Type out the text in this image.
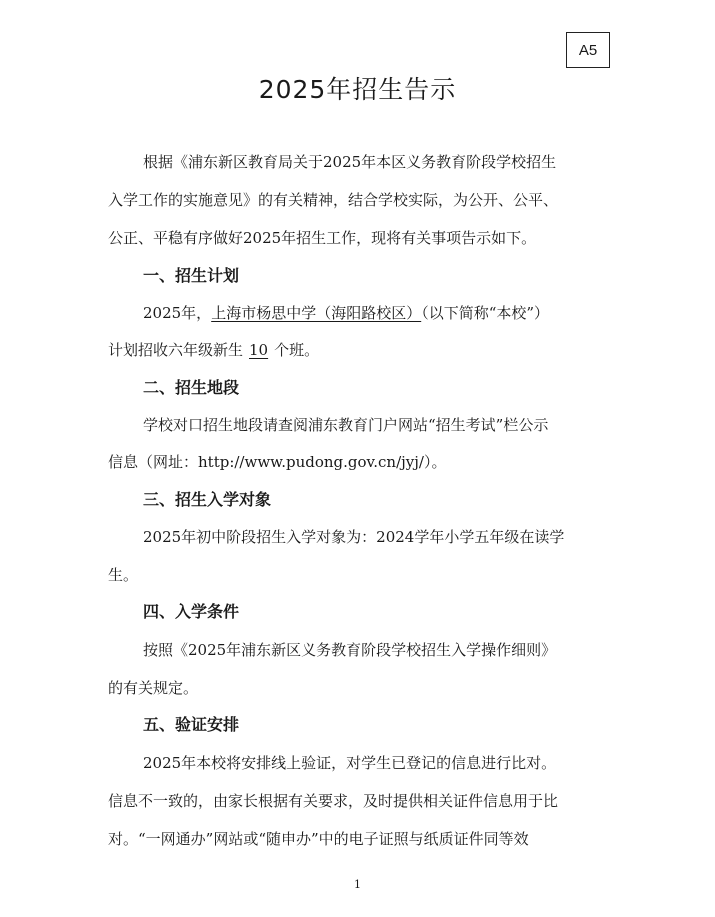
A5
2025年招生告示
根据《浦东新区教育局关于2025年本区义务教育阶段学校招生
入学工作的实施意见》的有关精神，结合学校实际，为公开、公平、
公正、平稳有序做好2025年招生工作，现将有关事项告示如下。
一、招生计划
2025年，上海市杨思中学（海阳路校区）（以下简称“本校”）
计划招收六年级新生 10 个班。
二、招生地段
学校对口招生地段请查阅浦东教育门户网站“招生考试”栏公示
信息（网址：http://www.pudong.gov.cn/jyj/）。
三、招生入学对象
2025年初中阶段招生入学对象为：2024学年小学五年级在读学
生。
四、入学条件
按照《2025年浦东新区义务教育阶段学校招生入学操作细则》
的有关规定。
五、验证安排
2025年本校将安排线上验证，对学生已登记的信息进行比对。
信息不一致的，由家长根据有关要求，及时提供相关证件信息用于比
对。“一网通办”网站或“随申办”中的电子证照与纸质证件同等效
1
